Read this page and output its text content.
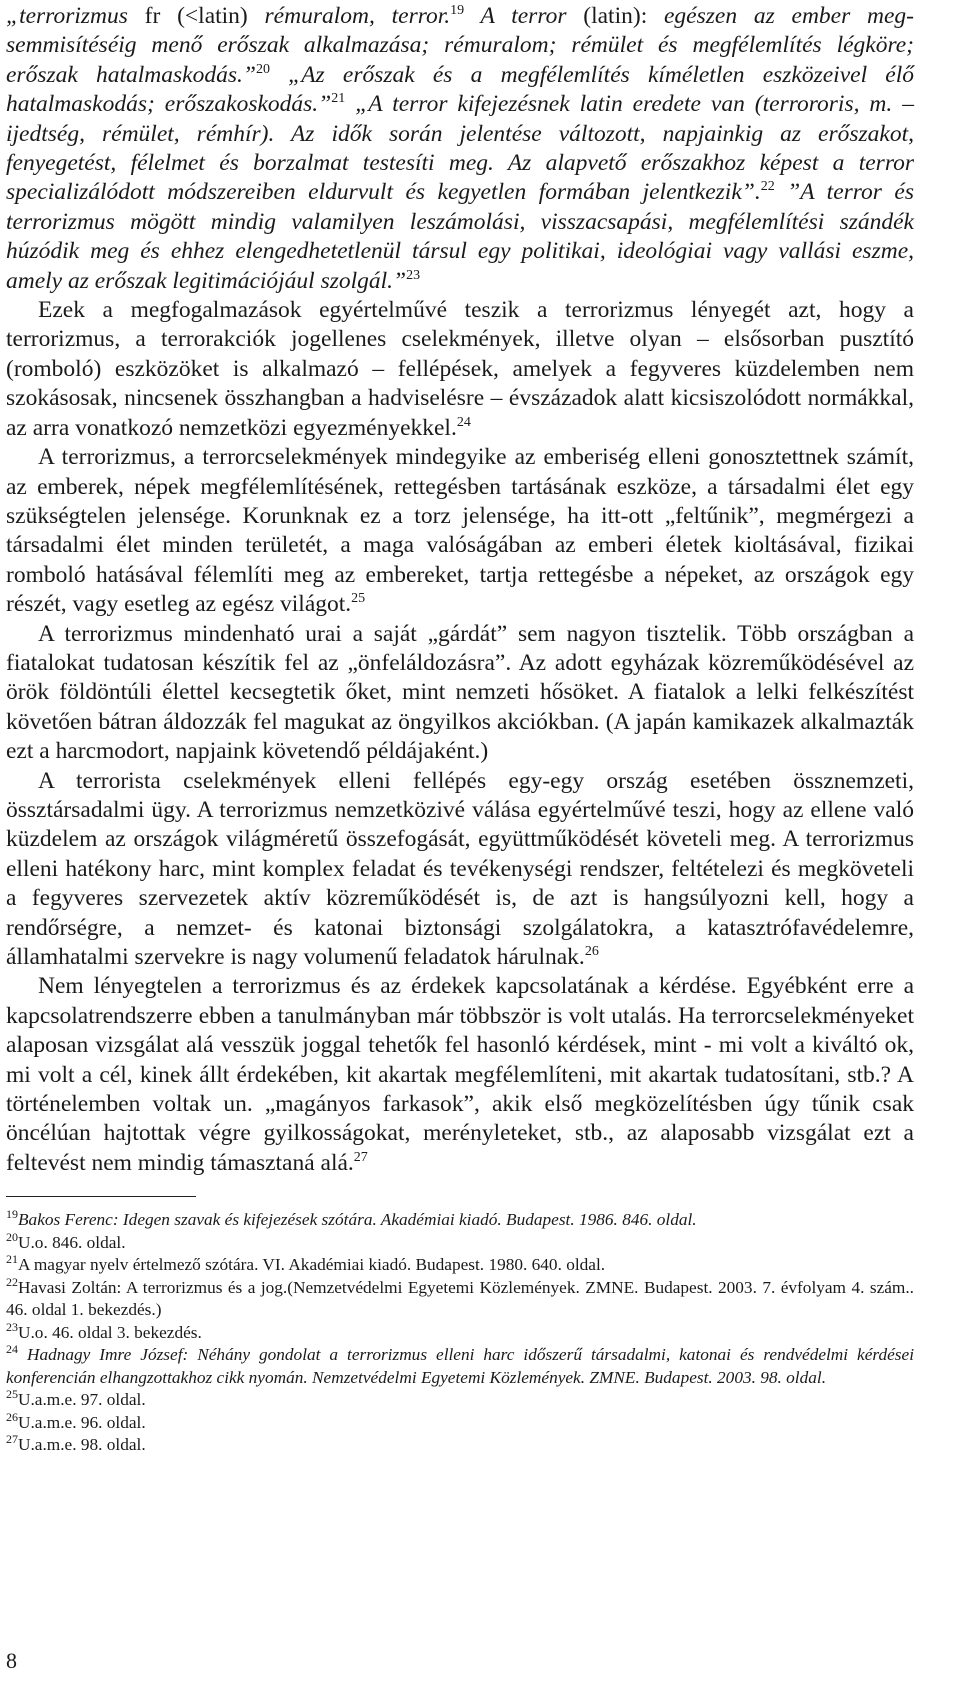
„terrorizmus fr (<latin) rémuralom, terror.$^{19}$ A terror (latin): egészen az ember megsemmisítéséig menő erőszak alkalmazása; rémuralom; rémület és megfélemlítés légköre; erőszak hatalmaskodás.”$^{20}$ „Az erőszak és a megfélemlítés kíméletlen eszközeivel élő hatalmaskodás; erőszakoskodás.”$^{21}$ „A terror kifejezésnek latin eredete van (terrororis, m. – ijedtség, rémület, rémhír). Az idők során jelentése változott, napjainkig az erőszakot, fenyegetést, félelmet és borzalmat testesíti meg. Az alapvető erőszakhoz képest a terror specializálódott módszereiben eldurvult és kegyetlen formában jelentkezik”.$^{22}$ ”A terror és terrorizmus mögött mindig valamilyen leszámolási, visszacsapási, megfélemlítési szándék húzódik meg és ehhez elengedhetetlenül társul egy politikai, ideológiai vagy vallási eszme, amely az erőszak legitimációjául szolgál.”$^{23}$

Ezek a megfogalmazások egyértelművé teszik a terrorizmus lényegét azt, hogy a terrorizmus, a terrorakciók jogellenes cselekmények, illetve olyan – elsősorban pusztító (romboló) eszközöket is alkalmazó – fellépések, amelyek a fegyveres küzdelemben nem szokásosak, nincsenek összhangban a hadviselésre – évszázadok alatt kicsiszolódott normákkal, az arra vonatkozó nemzetközi egyezményekkel.$^{24}$

A terrorizmus, a terrorcselekmények mindegyike az emberiség elleni gonosztettnek számít, az emberek, népek megfélemlítésének, rettegésben tartásának eszköze, a társadalmi élet egy szükségtelen jelensége. Korunknak ez a torz jelensége, ha itt-ott „feltűnik”, megmérgezi a társadalmi élet minden területét, a maga valóságában az emberi életek kioltásával, fizikai romboló hatásával félemlíti meg az embereket, tartja rettegésbe a népeket, az országok egy részét, vagy esetleg az egész világot.$^{25}$

A terrorizmus mindenható urai a saját „gárdát” sem nagyon tisztelik. Több országban a fiatalokat tudatosan készítik fel az „önfeláldozásra”. Az adott egyházak közreműködésével az örök földöntúli élettel kecsegtetik őket, mint nemzeti hősöket. A fiatalok a lelki felkészítést követően bátran áldozzák fel magukat az öngyilkos akciókban. (A japán kamikazek alkalmazták ezt a harcmodort, napjaink követendő példájaként.)

A terrorista cselekmények elleni fellépés egy-egy ország esetében össznemzeti, össztársadalmi ügy. A terrorizmus nemzetközivé válása egyértelművé teszi, hogy az ellene való küzdelem az országok világméretű összefogását, együttműködését követeli meg. A terrorizmus elleni hatékony harc, mint komplex feladat és tevékenységi rendszer, feltételezi és megköveteli a fegyveres szervezetek aktív közreműködését is, de azt is hangsúlyozni kell, hogy a rendőrségre, a nemzet- és katonai biztonsági szolgálatokra, a katasztrófavédelemre, államhatalmi szervekre is nagy volumenű feladatok hárulnak.$^{26}$

Nem lényegtelen a terrorizmus és az érdekek kapcsolatának a kérdése. Egyébként erre a kapcsolatrendszerre ebben a tanulmányban már többször is volt utalás. Ha terrorcselekményeket alaposan vizsgálat alá vesszük joggal tehetők fel hasonló kérdések, mint - mi volt a kiváltó ok, mi volt a cél, kinek állt érdekében, kit akartak megfélemlíteni, mit akartak tudatosítani, stb.? A történelemben voltak un. „magányos farkasok”, akik első megközelítésben úgy tűnik csak öncélúan hajtottak végre gyilkosságokat, merényleteket, stb., az alaposabb vizsgálat ezt a feltevést nem mindig támasztaná alá.$^{27}$

$^{19}$Bakos Ferenc: Idegen szavak és kifejezések szótára. Akadémiai kiadó. Budapest. 1986. 846. oldal.

$^{20}$U.o. 846. oldal.

$^{21}$A magyar nyelv értelmező szótára. VI. Akadémiai kiadó. Budapest. 1980. 640. oldal.

$^{22}$Havasi Zoltán: A terrorizmus és a jog.(Nemzetvédelmi Egyetemi Közlemények. ZMNE. Budapest. 2003. 7. évfolyam 4. szám.. 46. oldal 1. bekezdés.)

$^{23}$U.o. 46. oldal 3. bekezdés.

$^{24}$ Hadnagy Imre József: Néhány gondolat a terrorizmus elleni harc időszerű társadalmi, katonai és rendvédelmi kérdései konferencián elhangzottakhoz cikk nyomán. Nemzetvédelmi Egyetemi Közlemények. ZMNE. Budapest. 2003. 98. oldal.

$^{25}$U.a.m.e. 97. oldal.

$^{26}$U.a.m.e. 96. oldal.

$^{27}$U.a.m.e. 98. oldal.

8
